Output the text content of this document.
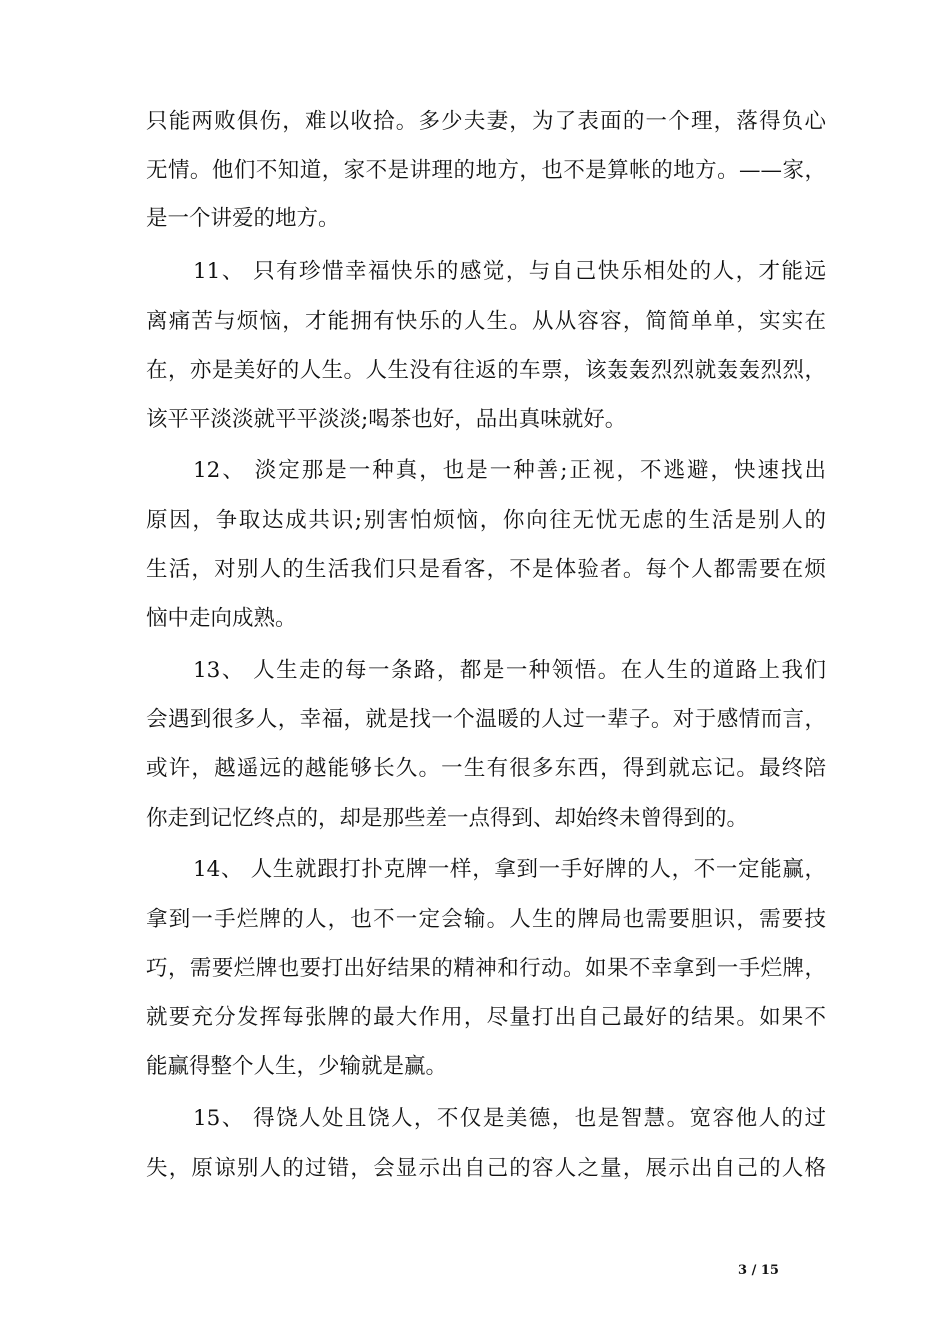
只能两败俱伤，难以收拾。多少夫妻，为了表面的一个理，落得负心
无情。他们不知道，家不是讲理的地方，也不是算帐的地方。——家，
是一个讲爱的地方。
11、 只有珍惜幸福快乐的感觉，与自己快乐相处的人，才能远
离痛苦与烦恼，才能拥有快乐的人生。从从容容，简简单单，实实在
在，亦是美好的人生。人生没有往返的车票，该轰轰烈烈就轰轰烈烈，
该平平淡淡就平平淡淡;喝茶也好，品出真味就好。
12、 淡定那是一种真，也是一种善;正视，不逃避，快速找出
原因，争取达成共识;别害怕烦恼，你向往无忧无虑的生活是别人的
生活，对别人的生活我们只是看客，不是体验者。每个人都需要在烦
恼中走向成熟。
13、 人生走的每一条路，都是一种领悟。在人生的道路上我们
会遇到很多人，幸福，就是找一个温暖的人过一辈子。对于感情而言，
或许，越遥远的越能够长久。一生有很多东西，得到就忘记。最终陪
你走到记忆终点的，却是那些差一点得到、却始终未曾得到的。
14、 人生就跟打扑克牌一样，拿到一手好牌的人，不一定能赢，
拿到一手烂牌的人，也不一定会输。人生的牌局也需要胆识，需要技
巧，需要烂牌也要打出好结果的精神和行动。如果不幸拿到一手烂牌，
就要充分发挥每张牌的最大作用，尽量打出自己最好的结果。如果不
能赢得整个人生，少输就是赢。
15、 得饶人处且饶人，不仅是美德，也是智慧。宽容他人的过
失，原谅别人的过错，会显示出自己的容人之量，展示出自己的人格
3 / 15
